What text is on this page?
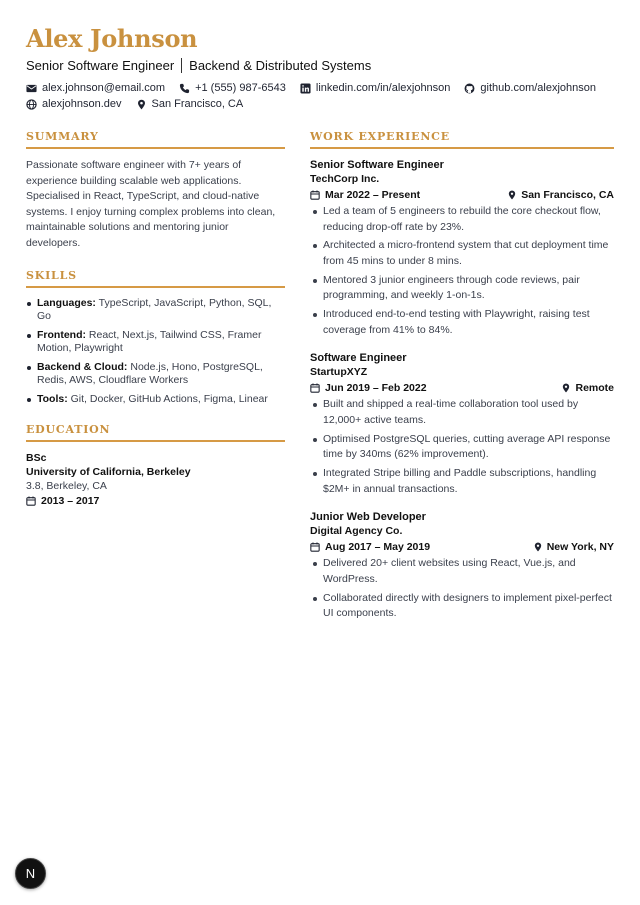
Alex Johnson
Senior Software Engineer Backend & Distributed Systems
alex.johnson@email.com	+1 (555) 987-6543	linkedin.com/in/alexjohnson	github.com/alexjohnson
alexjohnson.dev	San Francisco, CA
SUMMARY

Passionate software engineer with 7+ years of experience building scalable web applications. Specialised in React, TypeScript, and cloud-native systems. I enjoy turning complex problems into clean, maintainable solutions and mentoring junior developers.

SKILLS
Languages: TypeScript, JavaScript, Python, SQL, Go
Frontend: React, Next.js, Tailwind CSS, Framer Motion, Playwright
Backend & Cloud: Node.js, Hono, PostgreSQL, Redis, AWS, Cloudflare Workers
Tools: Git, Docker, GitHub Actions, Figma, Linear
EDUCATION
BSc
University of California, Berkeley
3.8, Berkeley, CA
2013 – 2017
WORK EXPERIENCE
Senior Software Engineer
TechCorp Inc.
Mar 2022 – Present	San Francisco, CA
Led a team of 5 engineers to rebuild the core checkout flow, reducing drop-off rate by 23%.
Architected a micro-frontend system that cut deployment time from 45 mins to under 8 mins.
Mentored 3 junior engineers through code reviews, pair programming, and weekly 1-on-1s.
Introduced end-to-end testing with Playwright, raising test coverage from 41% to 84%.
Software Engineer
StartupXYZ
Jun 2019 – Feb 2022	Remote
Built and shipped a real-time collaboration tool used by 12,000+ active teams.
Optimised PostgreSQL queries, cutting average API response time by 340ms (62% improvement).
Integrated Stripe billing and Paddle subscriptions, handling $2M+ in annual transactions.
Junior Web Developer
Digital Agency Co.
Aug 2017 – May 2019	New York, NY
Delivered 20+ client websites using React, Vue.js, and WordPress.
Collaborated directly with designers to implement pixel-perfect UI components.
N
